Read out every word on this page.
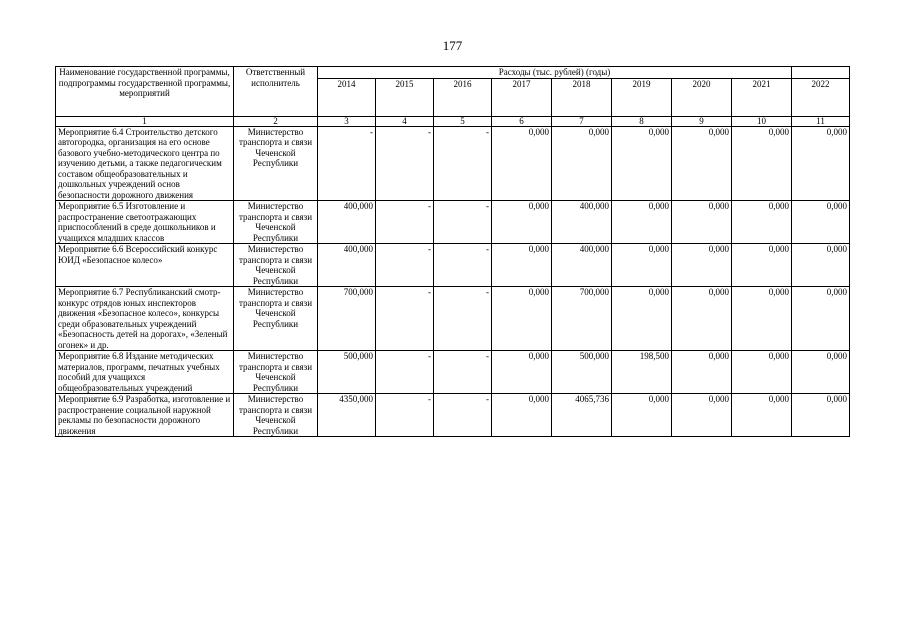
177
Наименование государственной программы, подпрограммы государственной программы, мероприятий	Ответственный исполнитель	Расходы (тыс. рублей) (годы)								
		2014	2015	2016	2017	2018	2019	2020	2021	2022
1	2	3	4	5	6	7	8	9	10	11
Мероприятие 6.4 Строительство детского автогородка, организация на его основе базового учебно-методического центра по изучению детьми, а также педагогическим составом общеобразовательных и дошкольных учреждений основ безопасности дорожного движения	Министерство транспорта и связи Чеченской Республики	-	-	-	0,000	0,000	0,000	0,000	0,000	0,000
Мероприятие 6.5 Изготовление и распространение светоотражающих приспособлений в среде дошкольников и учащихся младших классов	Министерство транспорта и связи Чеченской Республики	400,000	-	-	0,000	400,000	0,000	0,000	0,000	0,000
Мероприятие 6.6 Всероссийский конкурс ЮИД «Безопасное колесо»	Министерство транспорта и связи Чеченской Республики	400,000	-	-	0,000	400,000	0,000	0,000	0,000	0,000
Мероприятие 6.7 Республиканский смотр-конкурс отрядов юных инспекторов движения «Безопасное колесо», конкурсы среди образовательных учреждений «Безопасность детей на дорогах», «Зеленый огонек» и др.	Министерство транспорта и связи Чеченской Республики	700,000	-	-	0,000	700,000	0,000	0,000	0,000	0,000
Мероприятие 6.8 Издание методических материалов, программ, печатных учебных пособий для учащихся общеобразовательных учреждений	Министерство транспорта и связи Чеченской Республики	500,000	-	-	0,000	500,000	198,500	0,000	0,000	0,000
Мероприятие 6.9 Разработка, изготовление и распространение социальной наружной рекламы по безопасности дорожного движения	Министерство транспорта и связи Чеченской Республики	4350,000	-	-	0,000	4065,736	0,000	0,000	0,000	0,000
